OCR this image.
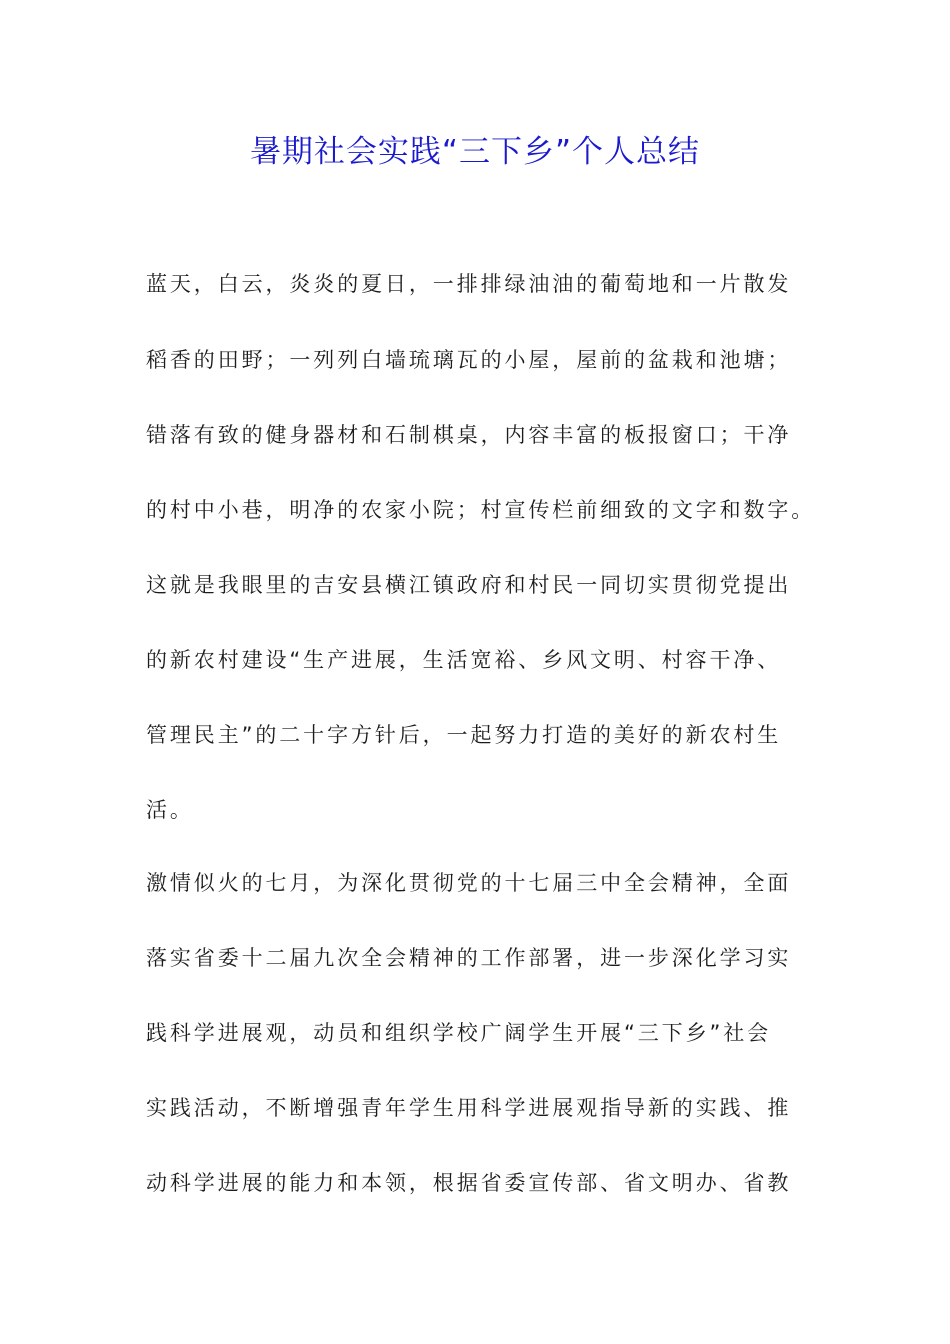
暑期社会实践“三下乡”个人总结
蓝天，白云，炎炎的夏日，一排排绿油油的葡萄地和一片散发
稻香的田野；一列列白墙琉璃瓦的小屋，屋前的盆栽和池塘；
错落有致的健身器材和石制棋桌，内容丰富的板报窗口；干净
的村中小巷，明净的农家小院；村宣传栏前细致的文字和数字。
这就是我眼里的吉安县横江镇政府和村民一同切实贯彻党提出
的新农村建设“生产进展，生活宽裕、乡风文明、村容干净、
管理民主”的二十字方针后，一起努力打造的美好的新农村生
活。
激情似火的七月，为深化贯彻党的十七届三中全会精神，全面
落实省委十二届九次全会精神的工作部署，进一步深化学习实
践科学进展观，动员和组织学校广阔学生开展“三下乡”社会
实践活动，不断增强青年学生用科学进展观指导新的实践、推
动科学进展的能力和本领，根据省委宣传部、省文明办、省教
